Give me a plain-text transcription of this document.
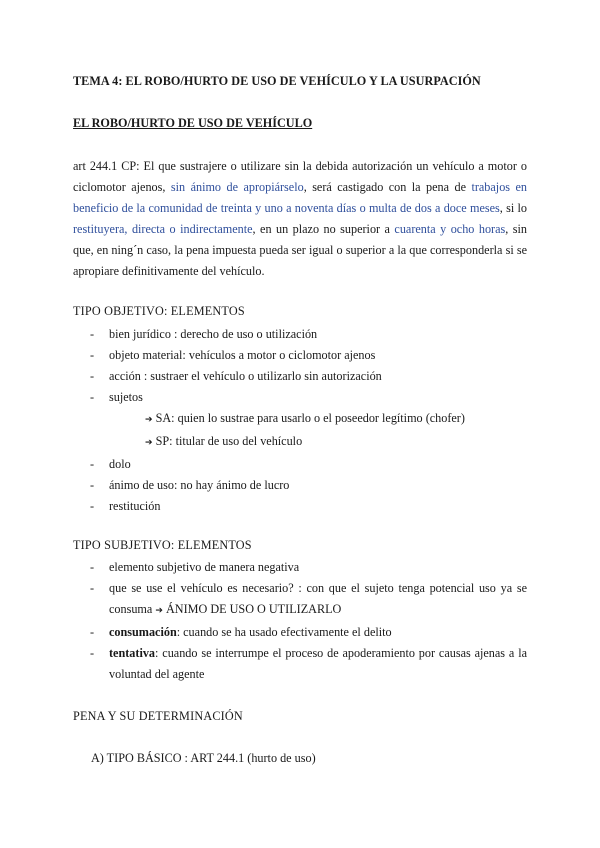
TEMA 4: EL ROBO/HURTO DE USO DE VEHÍCULO Y LA USURPACIÓN
EL ROBO/HURTO DE USO DE VEHÍCULO
art 244.1 CP: El que sustrajere o utilizare sin la debida autorización un vehículo a motor o ciclomotor ajenos, sin ánimo de apropiárselo, será castigado con la pena de trabajos en beneficio de la comunidad de treinta y uno a noventa días o multa de dos a doce meses, si lo restituyera, directa o indirectamente, en un plazo no superior a cuarenta y ocho horas, sin que, en ning´n caso, la pena impuesta pueda ser igual o superior a la que corresponderla si se apropiare definitivamente del vehículo.
TIPO OBJETIVO: ELEMENTOS
- bien jurídico : derecho de uso o utilización
- objeto material: vehículos a motor o ciclomotor ajenos
- acción : sustraer el vehículo o utilizarlo sin autorización
- sujetos
➔ SA: quien lo sustrae para usarlo o el poseedor legítimo (chofer)
➔ SP: titular de uso del vehículo
- dolo
- ánimo de uso: no hay ánimo de lucro
- restitución
TIPO SUBJETIVO: ELEMENTOS
- elemento subjetivo de manera negativa
- que se use el vehículo es necesario? : con que el sujeto tenga potencial uso ya se consuma ➔ ÁNIMO DE USO O UTILIZARLO
- consumación: cuando se ha usado efectivamente el delito
- tentativa: cuando se interrumpe el proceso de apoderamiento por causas ajenas a la voluntad del agente
PENA Y SU DETERMINACIÓN
A) TIPO BÁSICO : ART 244.1 (hurto de uso)
